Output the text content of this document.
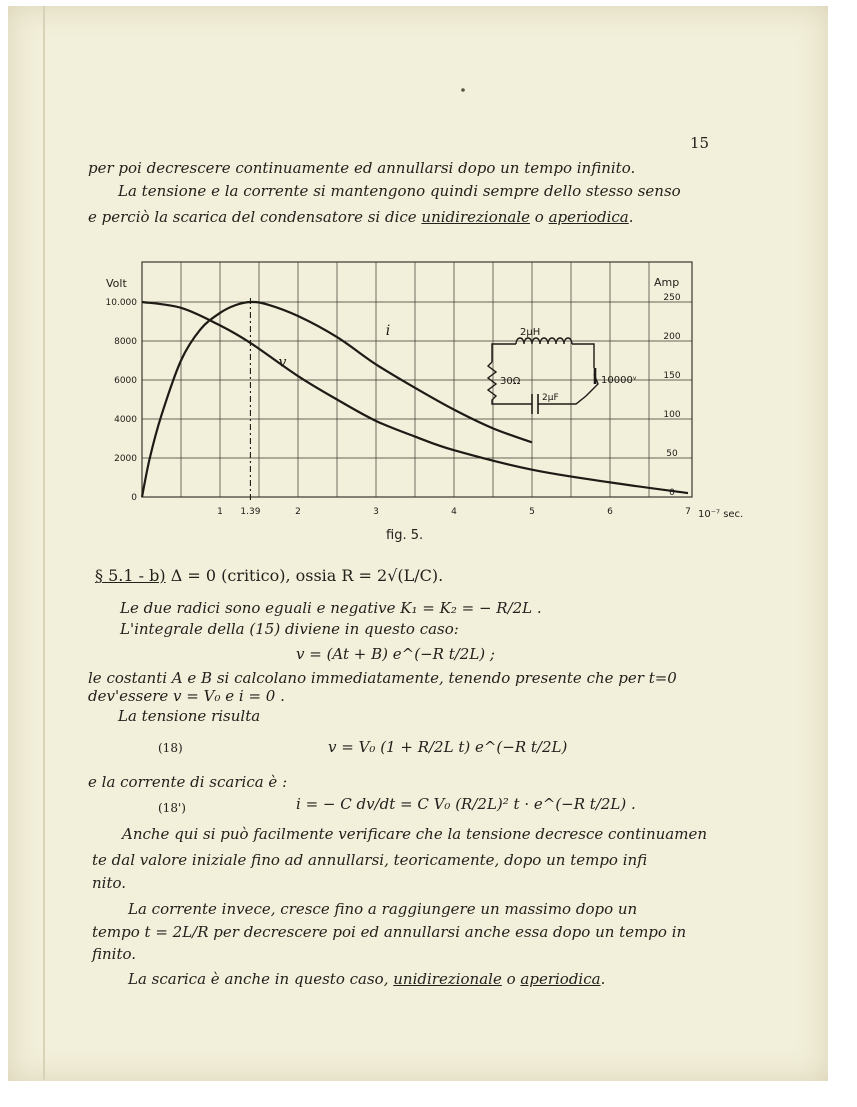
15
per poi decrescere continuamente ed annullarsi dopo un tempo infinito.
La tensione e la corrente si mantengono quindi sempre dello stesso senso
e perciò la scarica del condensatore si dice unidirezionale o aperiodica.
1 1.39	2	3	4	5	6	7
0
2000
4000
6000
8000
10.000
0
50
100
150
200
250
i
v
2μH
30Ω
2μF
10000ᵛ
Volt	Amp
10⁻⁷ sec.
fig. 5.
§ 5.1 - b) Δ = 0 (critico), ossia R = 2√(L/C).
Le due radici sono eguali e negative K₁ = K₂ = − R/2L .
L'integrale della (15) diviene in questo caso:
v = (At + B) e^(−R t/2L) ;
le costanti A e B si calcolano immediatamente, tenendo presente che per t=0
dev'essere v = V₀ e i = 0 .
La tensione risulta
(18)	v = V₀ (1 + R/2L t) e^(−R t/2L)
e la corrente di scarica è :
(18')	i = − C dv/dt = C V₀ (R/2L)² t · e^(−R t/2L) .
Anche qui si può facilmente verificare che la tensione decresce continuamen
te dal valore iniziale fino ad annullarsi, teoricamente, dopo un tempo infi
nito.
La corrente invece, cresce fino a raggiungere un massimo dopo un
tempo t = 2L/R per decrescere poi ed annullarsi anche essa dopo un tempo in
finito.
La scarica è anche in questo caso, unidirezionale o aperiodica.
